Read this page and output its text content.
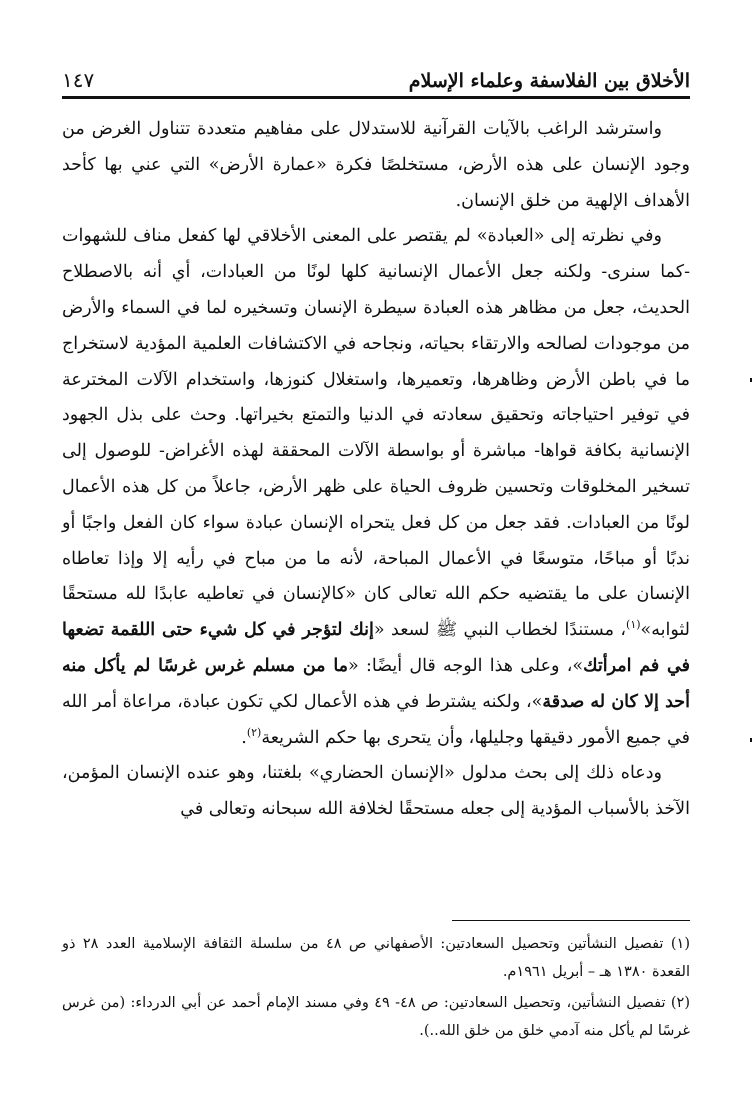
الأخلاق بين الفلاسفة وعلماء الإسلام
١٤٧

واسترشد الراغب بالآيات القرآنية للاستدلال على مفاهيم متعددة تتناول الغرض من وجود الإنسان على هذه الأرض، مستخلصًا فكرة «عمارة الأرض» التي عني بها كأحد الأهداف الإلهية من خلق الإنسان.

وفي نظرته إلى «العبادة» لم يقتصر على المعنى الأخلاقي لها كفعل مناف للشهوات -كما سنرى- ولكنه جعل الأعمال الإنسانية كلها لونًا من العبادات، أي أنه بالاصطلاح الحديث، جعل من مظاهر هذه العبادة سيطرة الإنسان وتسخيره لما في السماء والأرض من موجودات لصالحه والارتقاء بحياته، ونجاحه في الاكتشافات العلمية المؤدية لاستخراج ما في باطن الأرض وظاهرها، وتعميرها، واستغلال كنوزها، واستخدام الآلات المخترعة في توفير احتياجاته وتحقيق سعادته في الدنيا والتمتع بخيراتها. وحث على بذل الجهود الإنسانية بكافة قواها- مباشرة أو بواسطة الآلات المحققة لهذه الأغراض- للوصول إلى تسخير المخلوقات وتحسين ظروف الحياة على ظهر الأرض، جاعلاً من كل هذه الأعمال لونًا من العبادات. فقد جعل من كل فعل يتحراه الإنسان عبادة سواء كان الفعل واجبًا أو ندبًا أو مباحًا، متوسعًا في الأعمال المباحة، لأنه ما من مباح في رأيه إلا وإذا تعاطاه الإنسان على ما يقتضيه حكم الله تعالى كان «كالإنسان في تعاطيه عابدًا لله مستحقًا لثوابه»$^{(١)}$، مستندًا لخطاب النبي ﷺ لسعد «إنك لتؤجر في كل شيء حتى اللقمة تضعها في فم امرأتك»، وعلى هذا الوجه قال أيضًا: «ما من مسلم غرس غرسًا لم يأكل منه أحد إلا كان له صدقة»، ولكنه يشترط في هذه الأعمال لكي تكون عبادة، مراعاة أمر الله في جميع الأمور دقيقها وجليلها، وأن يتحرى بها حكم الشريعة$^{(٢)}$.

ودعاه ذلك إلى بحث مدلول «الإنسان الحضاري» بلغتنا، وهو عنده الإنسان المؤمن، الآخذ بالأسباب المؤدية إلى جعله مستحقًا لخلافة الله سبحانه وتعالى في

(١) تفصيل النشأتين وتحصيل السعادتين: الأصفهاني ص ٤٨ من سلسلة الثقافة الإسلامية العدد ٢٨ ذو القعدة ١٣٨٠ هـ – أبريل ١٩٦١م.

(٢) تفصيل النشأتين، وتحصيل السعادتين: ص ٤٨- ٤٩ وفي مسند الإمام أحمد عن أبي الدرداء: (من غرس غرسًا لم يأكل منه آدمي خلق من خلق الله..).
